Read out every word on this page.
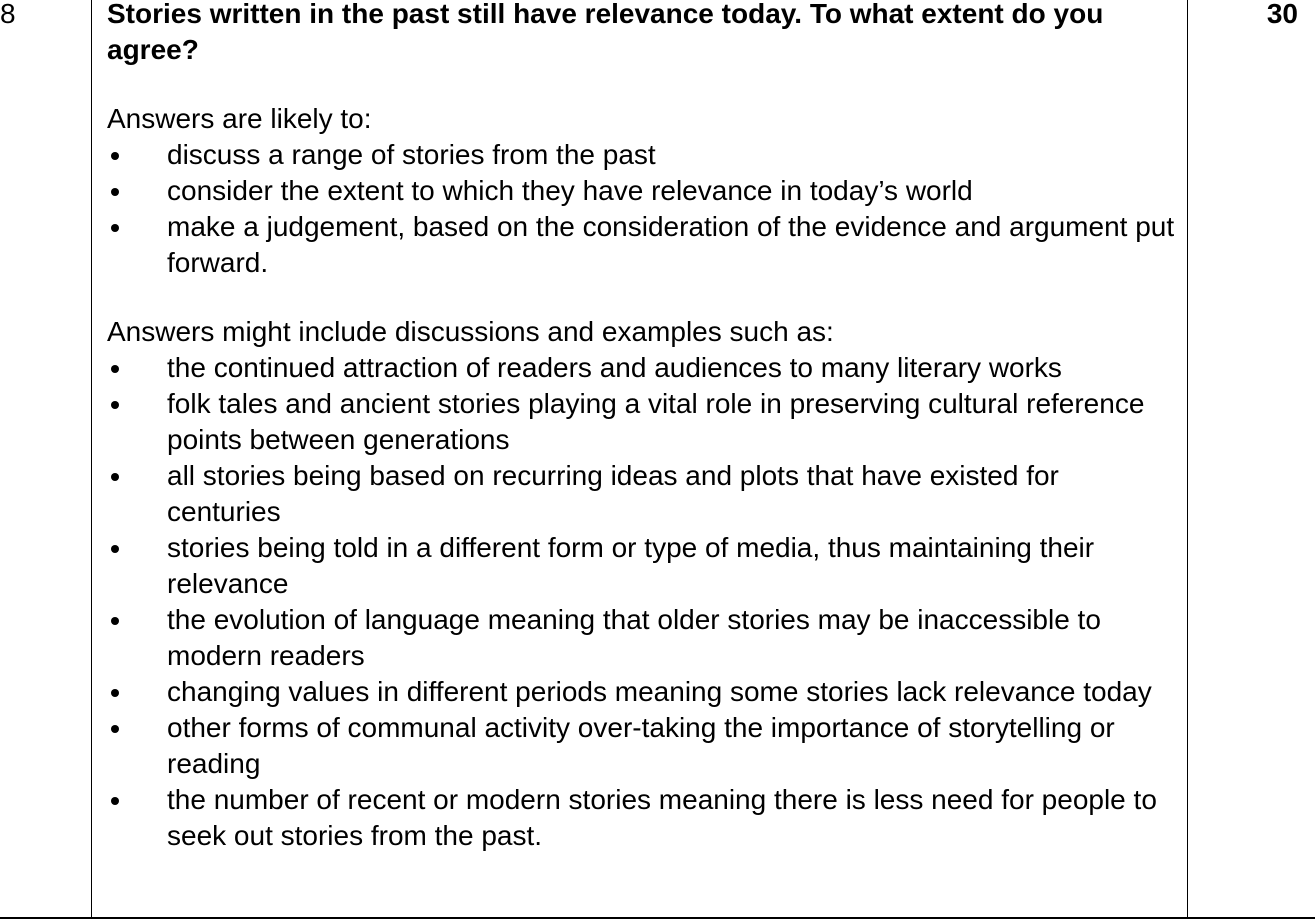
8	Stories written in the past still have relevance today. To what extent do you agree?

Answers are likely to:

discuss a range of stories from the past
consider the extent to which they have relevance in today’s world
make a judgement, based on the consideration of the evidence and argument put forward.

Answers might include discussions and examples such as:

the continued attraction of readers and audiences to many literary works
folk tales and ancient stories playing a vital role in preserving cultural reference points between generations
all stories being based on recurring ideas and plots that have existed for centuries
stories being told in a different form or type of media, thus maintaining their relevance
the evolution of language meaning that older stories may be inaccessible to modern readers
changing values in different periods meaning some stories lack relevance today
other forms of communal activity over-taking the importance of storytelling or reading
the number of recent or modern stories meaning there is less need for people to seek out stories from the past.
30
